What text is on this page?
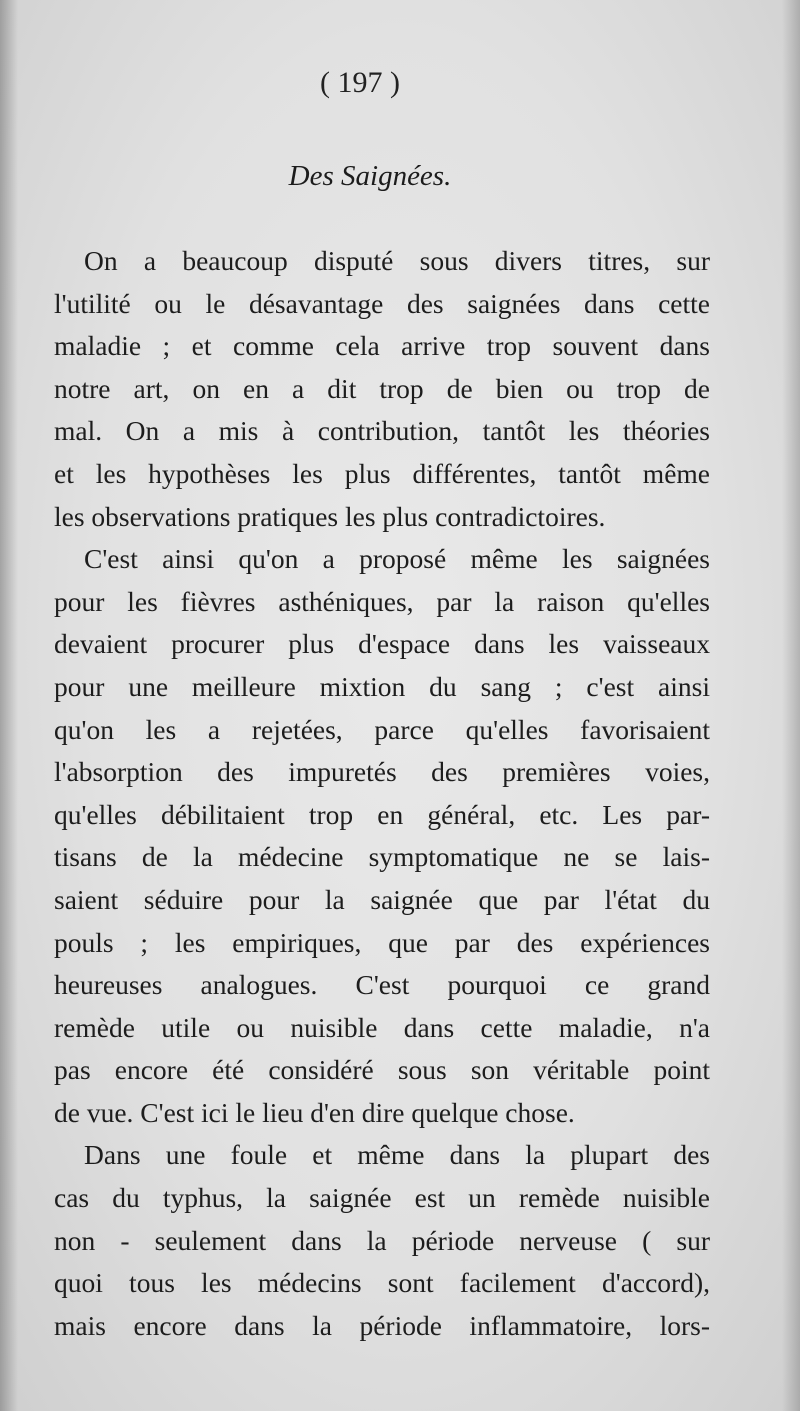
( 197 )
Des Saignées.
On a beaucoup disputé sous divers titres, sur
l'utilité ou le désavantage des saignées dans cette
maladie ; et comme cela arrive trop souvent dans
notre art, on en a dit trop de bien ou trop de
mal. On a mis à contribution, tantôt les théories
et les hypothèses les plus différentes, tantôt même
les observations pratiques les plus contradictoires.
C'est ainsi qu'on a proposé même les saignées
pour les fièvres asthéniques, par la raison qu'elles
devaient procurer plus d'espace dans les vaisseaux
pour une meilleure mixtion du sang ; c'est ainsi
qu'on les a rejetées, parce qu'elles favorisaient
l'absorption des impuretés des premières voies,
qu'elles débilitaient trop en général, etc. Les par-
tisans de la médecine symptomatique ne se lais-
saient séduire pour la saignée que par l'état du
pouls ; les empiriques, que par des expériences
heureuses analogues. C'est pourquoi ce grand
remède utile ou nuisible dans cette maladie, n'a
pas encore été considéré sous son véritable point
de vue. C'est ici le lieu d'en dire quelque chose.
Dans une foule et même dans la plupart des
cas du typhus, la saignée est un remède nuisible
non - seulement dans la période nerveuse ( sur
quoi tous les médecins sont facilement d'accord),
mais encore dans la période inflammatoire, lors-
